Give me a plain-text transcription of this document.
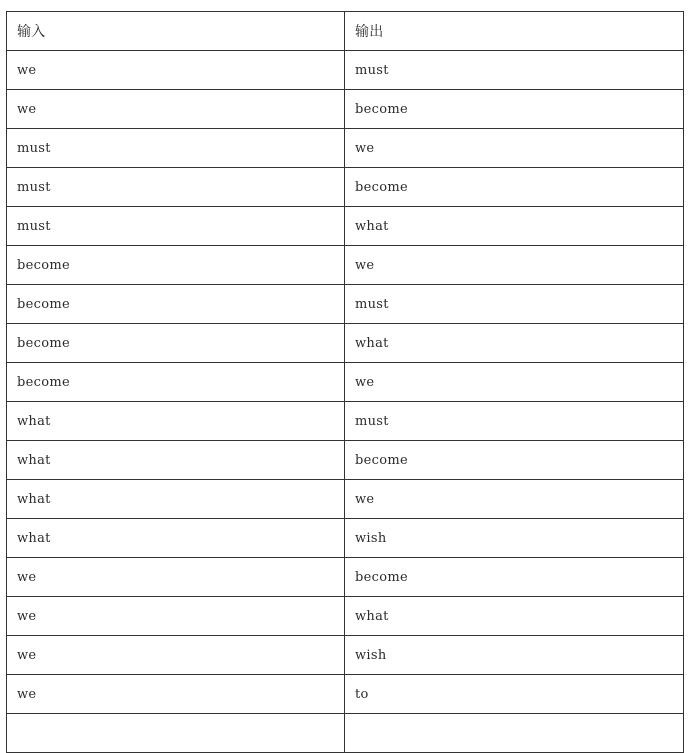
输入	输出
we	must
we	become
must	we
must	become
must	what
become	we
become	must
become	what
become	we
what	must
what	become
what	we
what	wish
we	become
we	what
we	wish
we	to
